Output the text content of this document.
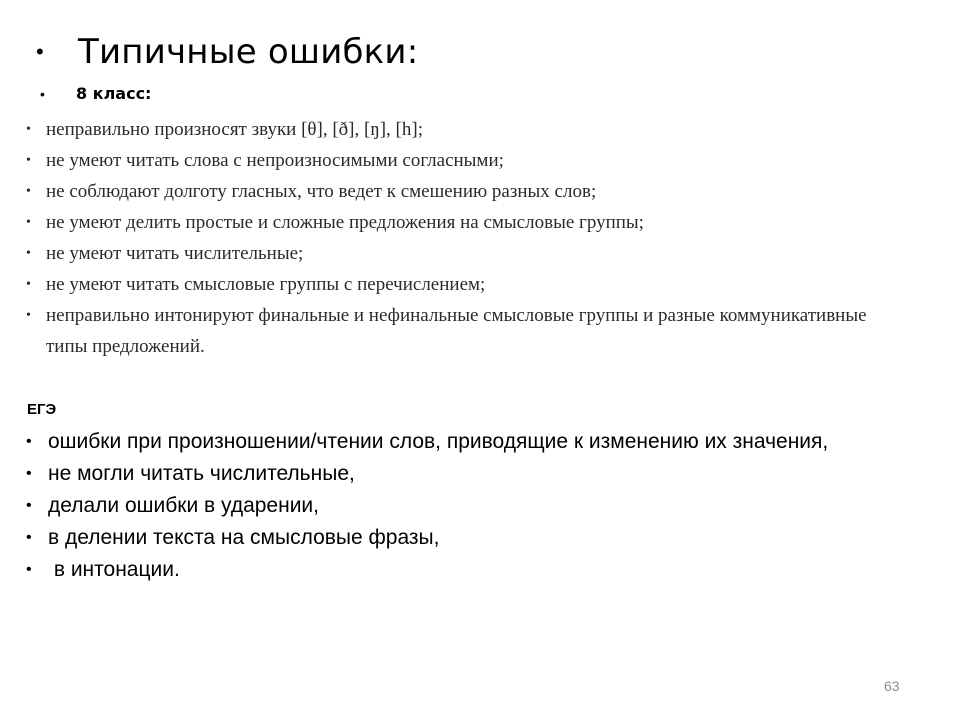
•	Типичные ошибки:
•	8 класс:
• неправильно произносят звуки [θ], [ð], [ŋ], [h];
• не умеют читать слова с непроизносимыми согласными;
• не соблюдают долготу гласных, что ведет к смешению разных слов;
• не умеют делить простые и сложные предложения на смысловые группы;
• не умеют читать числительные;
• не умеют читать смысловые группы с перечислением;
• неправильно интонируют финальные и нефинальные смысловые группы и разные коммуникативные типы предложений.
ЕГЭ
• ошибки при произношении/чтении слов, приводящие к изменению их значения,
• не могли читать числительные,
• делали ошибки в ударении,
• в делении текста на смысловые фразы,
• в интонации.
63
